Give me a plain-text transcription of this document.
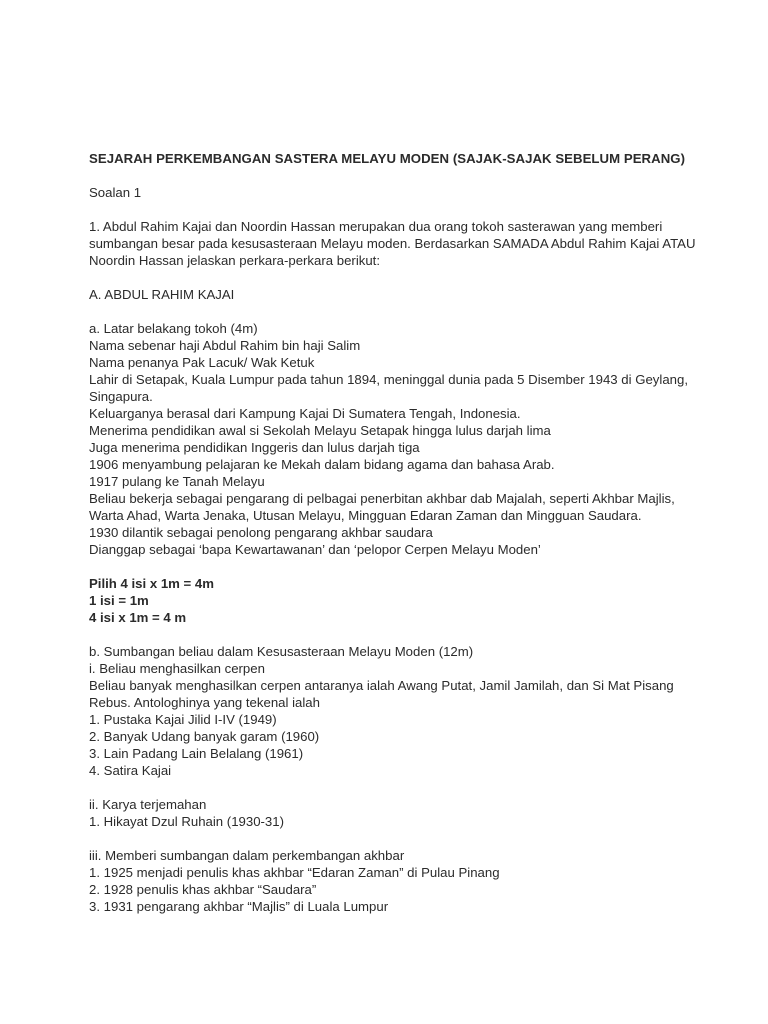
SEJARAH PERKEMBANGAN SASTERA MELAYU MODEN (SAJAK-SAJAK SEBELUM PERANG)
Soalan 1
1. Abdul Rahim Kajai dan Noordin Hassan merupakan dua orang tokoh sasterawan yang memberi
sumbangan besar pada kesusasteraan Melayu moden. Berdasarkan SAMADA Abdul Rahim Kajai ATAU
Noordin Hassan jelaskan perkara-perkara berikut:
A. ABDUL RAHIM KAJAI
a. Latar belakang tokoh (4m)
Nama sebenar haji Abdul Rahim bin haji Salim
Nama penanya Pak Lacuk/ Wak Ketuk
Lahir di Setapak, Kuala Lumpur pada tahun 1894, meninggal dunia pada 5 Disember 1943 di Geylang,
Singapura.
Keluarganya berasal dari Kampung Kajai Di Sumatera Tengah, Indonesia.
Menerima pendidikan awal si Sekolah Melayu Setapak hingga lulus darjah lima
Juga menerima pendidikan Inggeris dan lulus darjah tiga
1906 menyambung pelajaran ke Mekah dalam bidang agama dan bahasa Arab.
1917 pulang ke Tanah Melayu
Beliau bekerja sebagai pengarang di pelbagai penerbitan akhbar dab Majalah, seperti Akhbar Majlis,
Warta Ahad, Warta Jenaka, Utusan Melayu, Mingguan Edaran Zaman dan Mingguan Saudara.
1930 dilantik sebagai penolong pengarang akhbar saudara
Dianggap sebagai ‘bapa Kewartawanan’ dan ‘pelopor Cerpen Melayu Moden’
Pilih 4 isi x 1m = 4m
1 isi = 1m
4 isi x 1m = 4 m
b. Sumbangan beliau dalam Kesusasteraan Melayu Moden (12m)
i. Beliau menghasilkan cerpen
Beliau banyak menghasilkan cerpen antaranya ialah Awang Putat, Jamil Jamilah, dan Si Mat Pisang
Rebus. Antologhinya yang tekenal ialah
1. Pustaka Kajai Jilid I-IV (1949)
2. Banyak Udang banyak garam (1960)
3. Lain Padang Lain Belalang (1961)
4. Satira Kajai
ii. Karya terjemahan
1. Hikayat Dzul Ruhain (1930-31)
iii. Memberi sumbangan dalam perkembangan akhbar
1. 1925 menjadi penulis khas akhbar “Edaran Zaman” di Pulau Pinang
2. 1928 penulis khas akhbar “Saudara”
3. 1931 pengarang akhbar “Majlis” di Luala Lumpur
